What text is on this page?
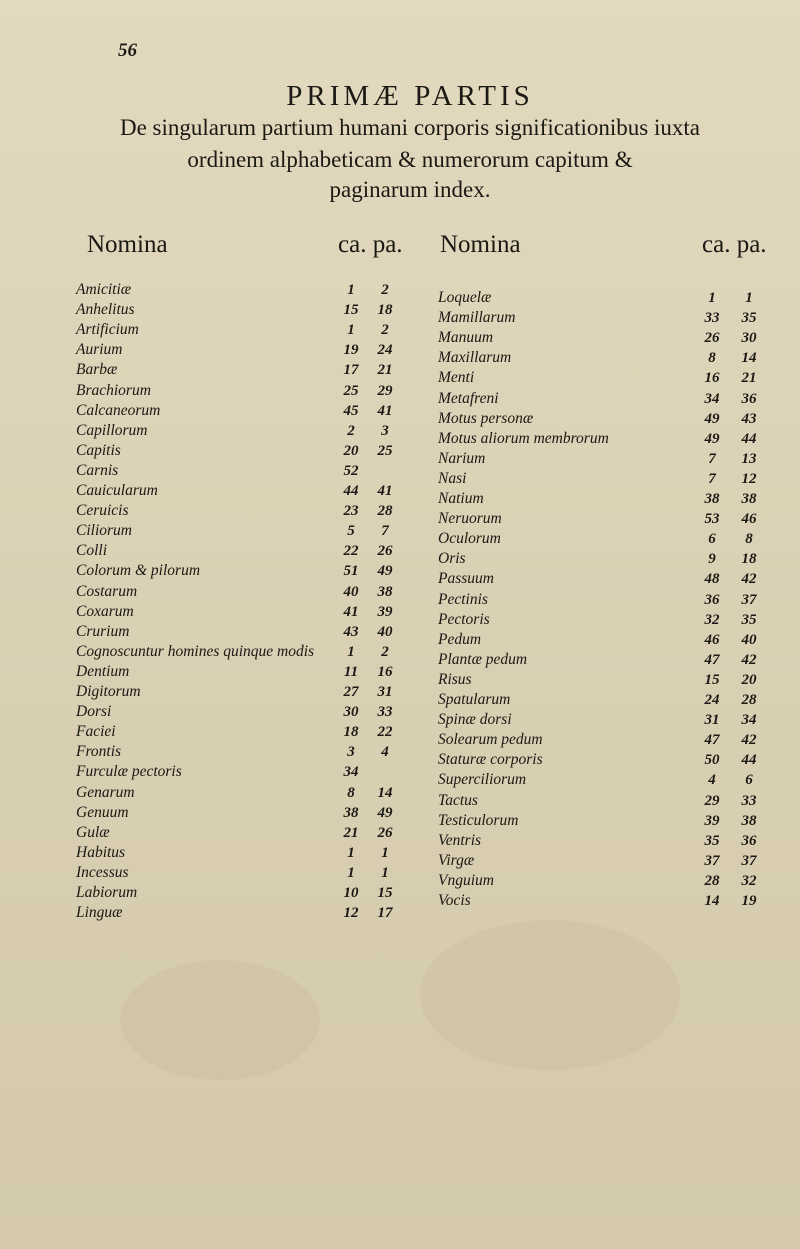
56
PRIMÆ PARTIS
De singularum partium humani corporis significationibus iuxta
ordinem alphabeticam & numerorum capitum &
paginarum index.
Nomina	ca. pa. Nomina	ca. pa.
Amicitiæ	1	2
Anhelitus	15	18
Artificium	1	2
Aurium	19	24
Barbæ	17	21
Brachiorum	25	29
Calcaneorum	45	41
Capillorum	2	3
Capitis	20	25
Carnis	52
Cauicularum	44	41
Ceruicis	23	28
Ciliorum	5	7
Colli	22	26
Colorum & pilorum	51	49
Costarum	40	38
Coxarum	41	39
Crurium	43	40
Cognoscuntur homines quinque modis	1	2
Dentium	11	16
Digitorum	27	31
Dorsi	30	33
Faciei	18	22
Frontis	3	4
Furculæ pectoris	34
Genarum	8	14
Genuum	38	49
Gulæ	21	26
Habitus	1	1
Incessus	1	1
Labiorum	10	15
Linguæ	12	17
Loquelæ	1	1
Mamillarum	33	35
Manuum	26	30
Maxillarum	8	14
Menti	16	21
Metafreni	34	36
Motus personæ	49	43
Motus aliorum membrorum	49	44
Narium	7	13
Nasi	7	12
Natium	38	38
Neruorum	53	46
Oculorum	6	8
Oris	9	18
Passuum	48	42
Pectinis	36	37
Pectoris	32	35
Pedum	46	40
Plantæ pedum	47	42
Risus	15	20
Spatularum	24	28
Spinæ dorsi	31	34
Solearum pedum	47	42
Staturæ corporis	50	44
Superciliorum	4	6
Tactus	29	33
Testiculorum	39	38
Ventris	35	36
Virgæ	37	37
Vnguium	28	32
Vocis	14	19
